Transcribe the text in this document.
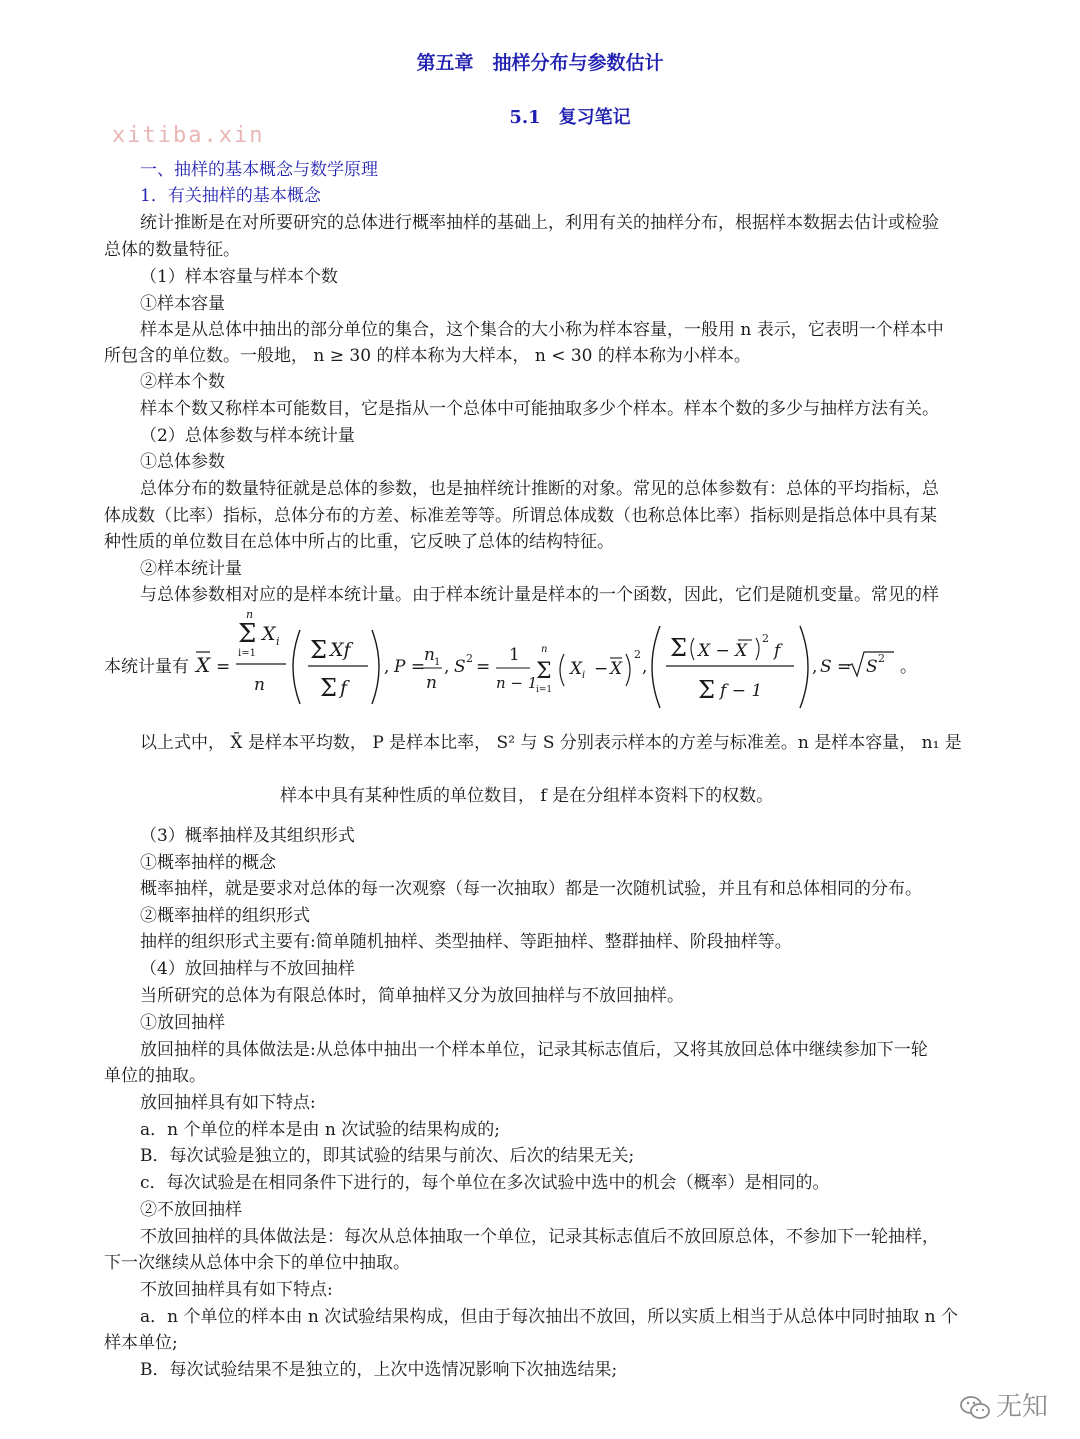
第五章　抽样分布与参数估计
5.1　复习笔记
xitiba.xin
一、抽样的基本概念与数学原理
1．有关抽样的基本概念
统计推断是在对所要研究的总体进行概率抽样的基础上，利用有关的抽样分布，根据样本数据去估计或检验
总体的数量特征。
（1）样本容量与样本个数
①样本容量
样本是从总体中抽出的部分单位的集合，这个集合的大小称为样本容量，一般用 n 表示，它表明一个样本中
所包含的单位数。一般地， n ≥ 30 的样本称为大样本， n < 30 的样本称为小样本。
②样本个数
样本个数又称样本可能数目，它是指从一个总体中可能抽取多少个样本。样本个数的多少与抽样方法有关。
（2）总体参数与样本统计量
①总体参数
总体分布的数量特征就是总体的参数，也是抽样统计推断的对象。常见的总体参数有：总体的平均指标，总
体成数（比率）指标，总体分布的方差、标准差等等。所谓总体成数（也称总体比率）指标则是指总体中具有某
种性质的单位数目在总体中所占的比重，它反映了总体的结构特征。
②样本统计量
与总体参数相对应的是样本统计量。由于样本统计量是样本的一个函数，因此，它们是随机变量。常见的样
本统计量有 X =
Σ
n
i=1
X i
n
Σ Xf
Σ f
, P =
n 1
n
, S 2 =
1
n − 1
Σ
n
i=1
X i − X
2
,
Σ X − X
2
f
Σ f − 1
, S = S 2 。
以上式中， X̄ 是样本平均数， P 是样本比率， S² 与 S 分别表示样本的方差与标准差。n 是样本容量， n₁ 是
样本中具有某种性质的单位数目， f 是在分组样本资料下的权数。
（3）概率抽样及其组织形式
①概率抽样的概念
概率抽样，就是要求对总体的每一次观察（每一次抽取）都是一次随机试验，并且有和总体相同的分布。
②概率抽样的组织形式
抽样的组织形式主要有:简单随机抽样、类型抽样、等距抽样、整群抽样、阶段抽样等。
（4）放回抽样与不放回抽样
当所研究的总体为有限总体时，简单抽样又分为放回抽样与不放回抽样。
①放回抽样
放回抽样的具体做法是:从总体中抽出一个样本单位，记录其标志值后，又将其放回总体中继续参加下一轮
单位的抽取。
放回抽样具有如下特点:
a．n 个单位的样本是由 n 次试验的结果构成的;
B．每次试验是独立的，即其试验的结果与前次、后次的结果无关;
c．每次试验是在相同条件下进行的，每个单位在多次试验中选中的机会（概率）是相同的。
②不放回抽样
不放回抽样的具体做法是：每次从总体抽取一个单位，记录其标志值后不放回原总体，不参加下一轮抽样，
下一次继续从总体中余下的单位中抽取。
不放回抽样具有如下特点:
a．n 个单位的样本由 n 次试验结果构成，但由于每次抽出不放回，所以实质上相当于从总体中同时抽取 n 个
样本单位;
B．每次试验结果不是独立的，上次中选情况影响下次抽选结果;
无知
